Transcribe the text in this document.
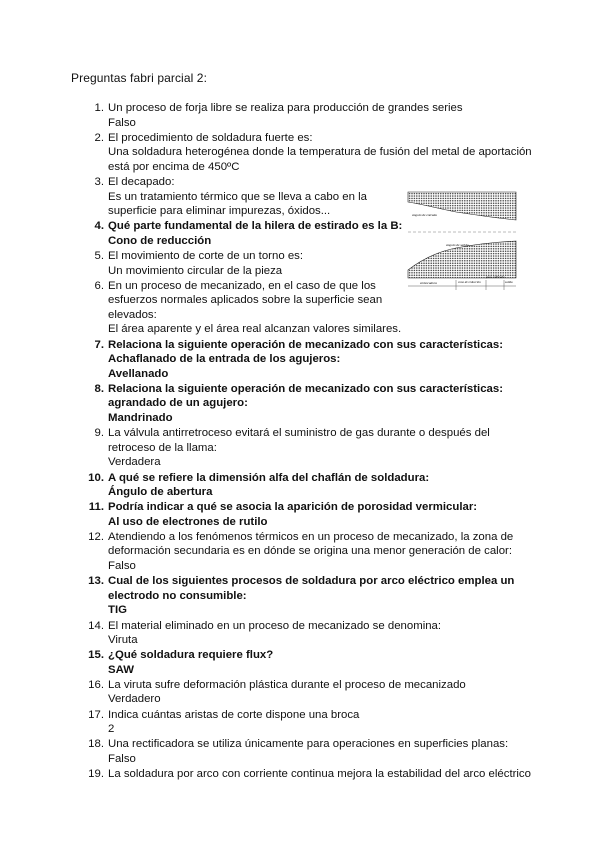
Preguntas fabri parcial 2:
1. Un proceso de forja libre se realiza para producción de grandes series
Falso
2. El procedimiento de soldadura fuerte es:
Una soldadura heterogénea donde la temperatura de fusión del metal de aportación
está por encima de 450ºC
3. El decapado:
Es un tratamiento térmico que se lleva a cabo en la
superficie para eliminar impurezas, óxidos...
4. Qué parte fundamental de la hilera de estirado es la B:
Cono de reducción
5. El movimiento de corte de un torno es:
Un movimiento circular de la pieza
6. En un proceso de mecanizado, en el caso de que los
esfuerzos normales aplicados sobre la superficie sean
elevados:
El área aparente y el área real alcanzan valores similares.
7. Relaciona la siguiente operación de mecanizado con sus características:
Achaflanado de la entrada de los agujeros:
Avellanado
8. Relaciona la siguiente operación de mecanizado con sus características:
agrandado de un agujero:
Mandrinado
9. La válvula antirretroceso evitará el suministro de gas durante o después del
retroceso de la llama:
Verdadera
10. A qué se refiere la dimensión alfa del chaflán de soldadura:
Ángulo de abertura
11. Podría indicar a qué se asocia la aparición de porosidad vermicular:
Al uso de electrones de rutilo
12. Atendiendo a los fenómenos térmicos en un proceso de mecanizado, la zona de
deformación secundaria es en dónde se origina una menor generación de calor:
Falso
13. Cual de los siguientes procesos de soldadura por arco eléctrico emplea un
electrodo no consumible:
TIG
14. El material eliminado en un proceso de mecanizado se denomina:
Viruta
15. ¿Qué soldadura requiere flux?
SAW
16. La viruta sufre deformación plástica durante el proceso de mecanizado
Verdadero
17. Indica cuántas aristas de corte dispone una broca
2
18. Una rectificadora se utiliza únicamente para operaciones en superficies planas:
Falso
19. La soldadura por arco con corriente continua mejora la estabilidad del arco eléctrico
ángulo de entrada
ángulo de salida
embocadura	cono de reducción
paso calibrado
salida
